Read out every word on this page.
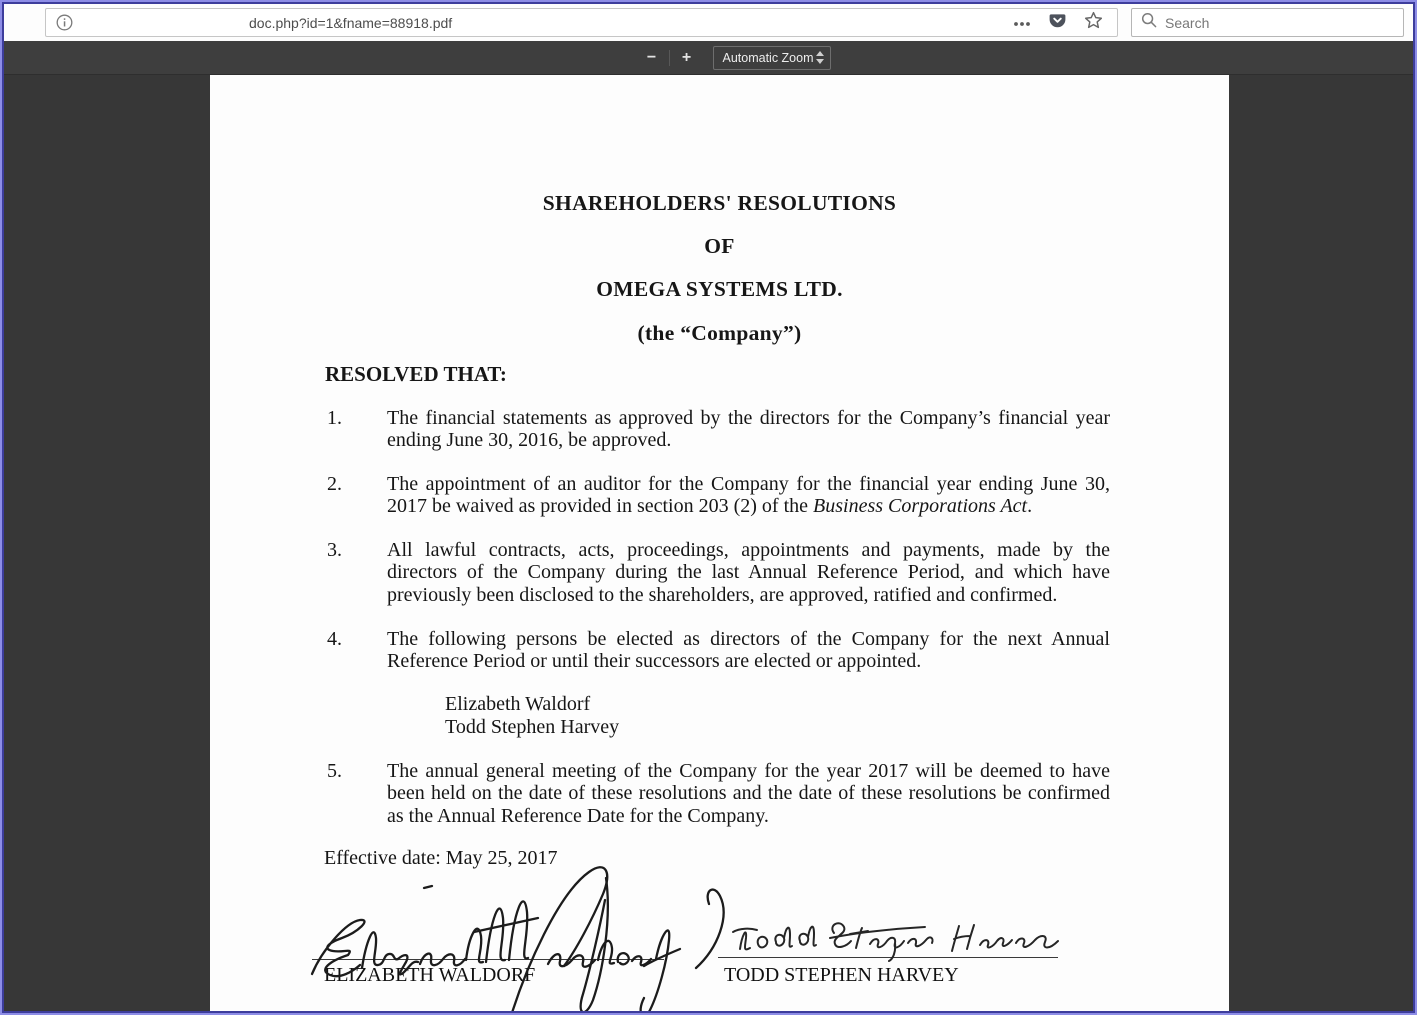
doc.php?id=1&fname=88918.pdf	Search
−	+	Automatic Zoom
SHAREHOLDERS' RESOLUTIONS
OF
OMEGA SYSTEMS LTD.
(the “Company”)
RESOLVED THAT:
1. The financial statements as approved by the directors for the Company’s financial year
ending June 30, 2016, be approved.
2. The appointment of an auditor for the Company for the financial year ending June 30,
2017 be waived as provided in section 203 (2) of the Business Corporations Act.
3. All lawful contracts, acts, proceedings, appointments and payments, made by the
directors of the Company during the last Annual Reference Period, and which have
previously been disclosed to the shareholders, are approved, ratified and confirmed.
4. The following persons be elected as directors of the Company for the next Annual
Reference Period or until their successors are elected or appointed.
Elizabeth Waldorf
Todd Stephen Harvey
5. The annual general meeting of the Company for the year 2017 will be deemed to have
been held on the date of these resolutions and the date of these resolutions be confirmed
as the Annual Reference Date for the Company.
Effective date: May 25, 2017
ELIZABETH WALDORF	TODD STEPHEN HARVEY
